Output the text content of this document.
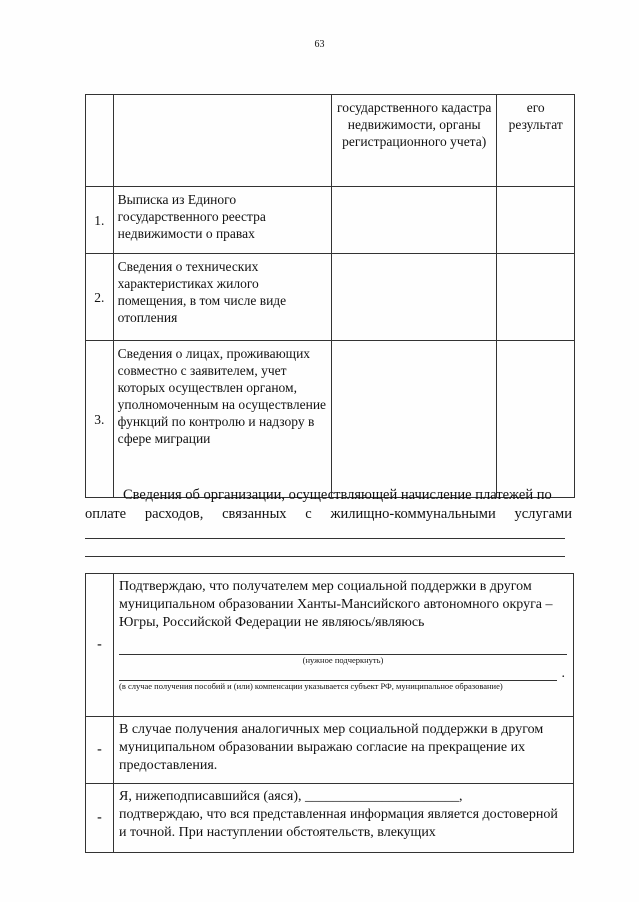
63
		государственного кадастра недвижимости, органы регистрационного учета)	его результат
1.	Выписка из Единого государственного реестра недвижимости о правах		
2.	Сведения о технических характеристиках жилого помещения, в том числе виде отопления		
3.	Сведения о лицах, проживающих совместно с заявителем, учет которых осуществлен органом, уполномоченным на осуществление функций по контролю и надзору в сфере миграции		
Сведения об организации, осуществляющей начисление платежей по
оплате расходов, связанных с жилищно-коммунальными услугами
-	Подтверждаю, что получателем мер социальной поддержки в другом муниципальном образовании Ханты-Мансийского автономного округа – Югры, Российской Федерации не являюсь/являюсь
(нужное подчеркнуть)
.
(в случае получения пособий и (или) компенсации указывается субъект РФ, муниципальное образование)

-	В случае получения аналогичных мер социальной поддержки в другом муниципальном образовании выражаю согласие на прекращение их предоставления.

-	Я, нижеподписавшийся (аяся), ______________________,
подтверждаю, что вся представленная информация является достоверной и точной. При наступлении обстоятельств, влекущих
